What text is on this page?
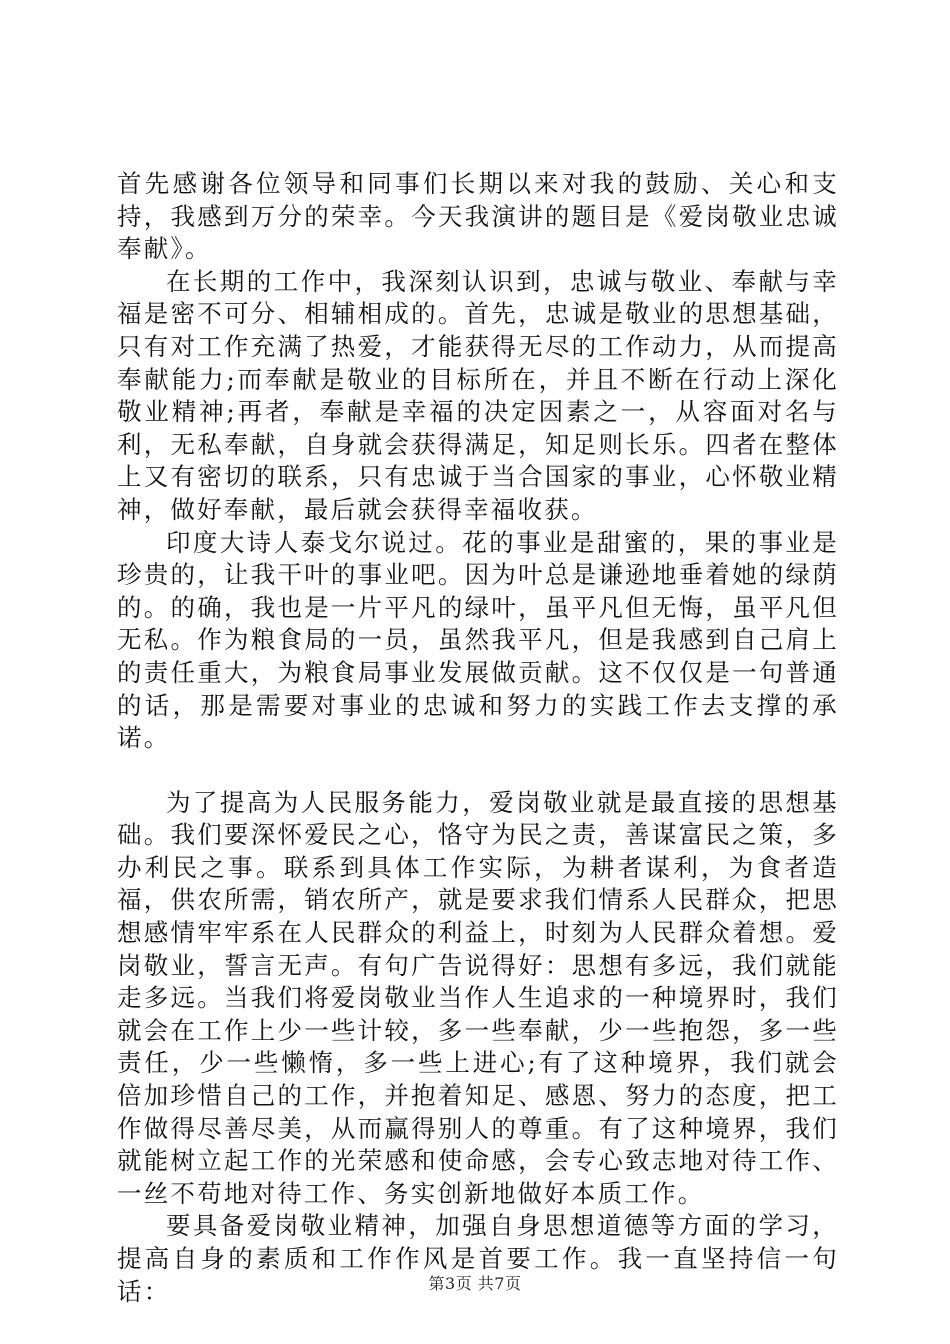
首先感谢各位领导和同事们长期以来对我的鼓励、关心和支持，我感到万分的荣幸。今天我演讲的题目是《爱岗敬业忠诚奉献》。

在长期的工作中，我深刻认识到，忠诚与敬业、奉献与幸福是密不可分、相辅相成的。首先，忠诚是敬业的思想基础，只有对工作充满了热爱，才能获得无尽的工作动力，从而提高奉献能力;而奉献是敬业的目标所在，并且不断在行动上深化敬业精神;再者，奉献是幸福的决定因素之一，从容面对名与利，无私奉献，自身就会获得满足，知足则长乐。四者在整体上又有密切的联系，只有忠诚于当合国家的事业，心怀敬业精神，做好奉献，最后就会获得幸福收获。

印度大诗人泰戈尔说过。花的事业是甜蜜的，果的事业是珍贵的，让我干叶的事业吧。因为叶总是谦逊地垂着她的绿荫的。的确，我也是一片平凡的绿叶，虽平凡但无悔，虽平凡但无私。作为粮食局的一员，虽然我平凡，但是我感到自己肩上的责任重大，为粮食局事业发展做贡献。这不仅仅是一句普通的话，那是需要对事业的忠诚和努力的实践工作去支撑的承诺。

为了提高为人民服务能力，爱岗敬业就是最直接的思想基础。我们要深怀爱民之心，恪守为民之责，善谋富民之策，多办利民之事。联系到具体工作实际，为耕者谋利，为食者造福，供农所需，销农所产，就是要求我们情系人民群众，把思想感情牢牢系在人民群众的利益上，时刻为人民群众着想。爱岗敬业，誓言无声。有句广告说得好：思想有多远，我们就能走多远。当我们将爱岗敬业当作人生追求的一种境界时，我们就会在工作上少一些计较，多一些奉献，少一些抱怨，多一些责任，少一些懒惰，多一些上进心;有了这种境界，我们就会倍加珍惜自己的工作，并抱着知足、感恩、努力的态度，把工作做得尽善尽美，从而赢得别人的尊重。有了这种境界，我们就能树立起工作的光荣感和使命感，会专心致志地对待工作、一丝不苟地对待工作、务实创新地做好本质工作。

要具备爱岗敬业精神，加强自身思想道德等方面的学习，提高自身的素质和工作作风是首要工作。我一直坚持信一句话：	第3页 共7页
